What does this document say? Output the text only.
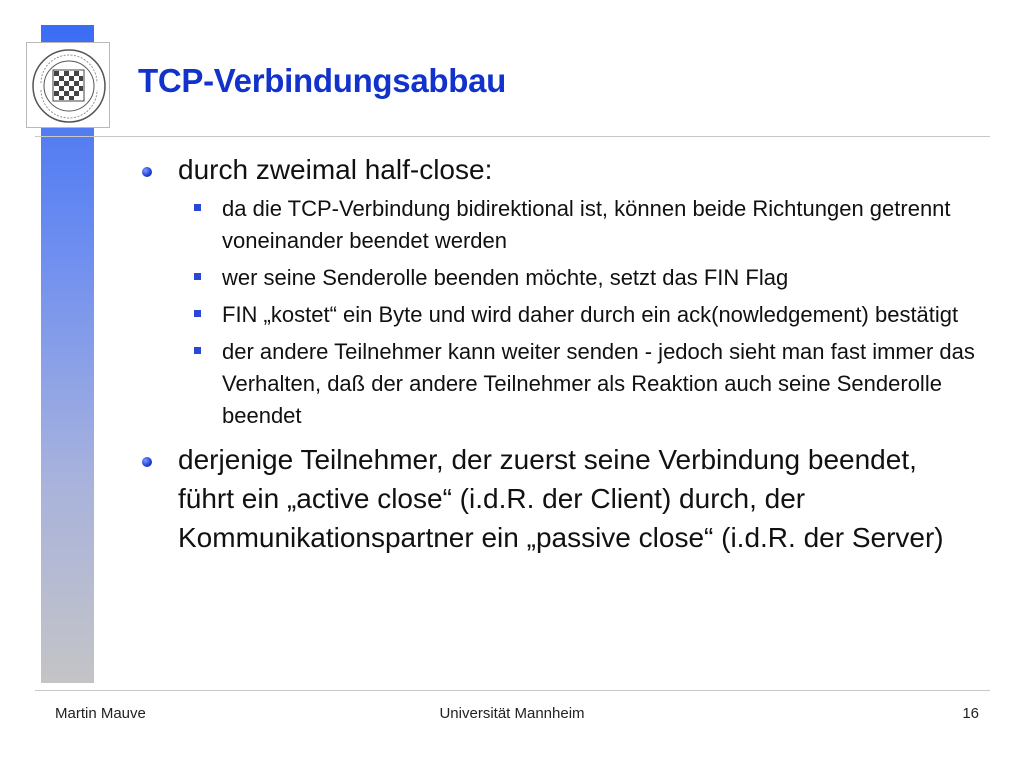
TCP-Verbindungsabbau
durch zweimal half-close:
da die TCP-Verbindung bidirektional ist, können beide Richtungen getrennt voneinander beendet werden
wer seine Senderolle beenden möchte, setzt das FIN Flag
FIN „kostet“ ein Byte und wird daher durch ein ack(nowledgement) bestätigt
der andere Teilnehmer kann weiter senden - jedoch sieht man fast immer das Verhalten, daß der andere Teilnehmer als Reaktion auch seine Senderolle beendet
derjenige Teilnehmer, der zuerst seine Verbindung beendet, führt ein „active close“ (i.d.R. der Client) durch, der Kommunikationspartner ein „passive close“ (i.d.R. der Server)
Martin Mauve	Universität Mannheim	16
